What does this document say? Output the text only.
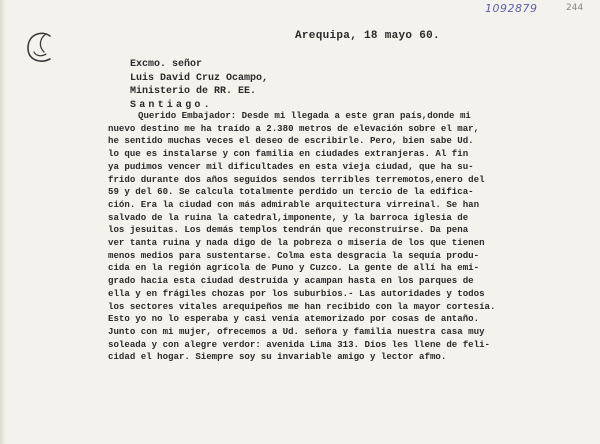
1092879	244
Arequipa, 18 mayo 60.
Excmo. señor
Luis David Cruz Ocampo,
Ministerio de RR. EE.
Santiago.
Querido Embajador: Desde mi llegada a este gran país,donde mi
nuevo destino me ha traído a 2.380 metros de elevación sobre el mar,
he sentido muchas veces el deseo de escribirle. Pero, bien sabe Ud.
lo que es instalarse y con familia en ciudades extranjeras. Al fin
ya pudimos vencer mil dificultades en esta vieja ciudad, que ha su-
frido durante dos años seguidos sendos terribles terremotos,enero del
59 y del 60. Se calcula totalmente perdido un tercio de la edifica-
ción. Era la ciudad con más admirable arquitectura virreinal. Se han
salvado de la ruina la catedral,imponente, y la barroca iglesia de
los jesuitas. Los demás templos tendrán que reconstruirse. Da pena
ver tanta ruina y nada digo de la pobreza o miseria de los que tienen
menos medios para sustentarse. Colma esta desgracia la sequía produ-
cida en la región agrícola de Puno y Cuzco. La gente de allí ha emi-
grado hacia esta ciudad destruída y acampan hasta en los parques de
ella y en frágiles chozas por los suburbios.- Las autoridades y todos
los sectores vitales arequipeños me han recibido con la mayor cortesía.
Esto yo no lo esperaba y casi venía atemorizado por cosas de antaño.
Junto con mi mujer, ofrecemos a Ud. señora y familia nuestra casa muy
soleada y con alegre verdor: avenida Lima 313. Dios les llene de feli-
cidad el hogar. Siempre soy su invariable amigo y lector afmo.
